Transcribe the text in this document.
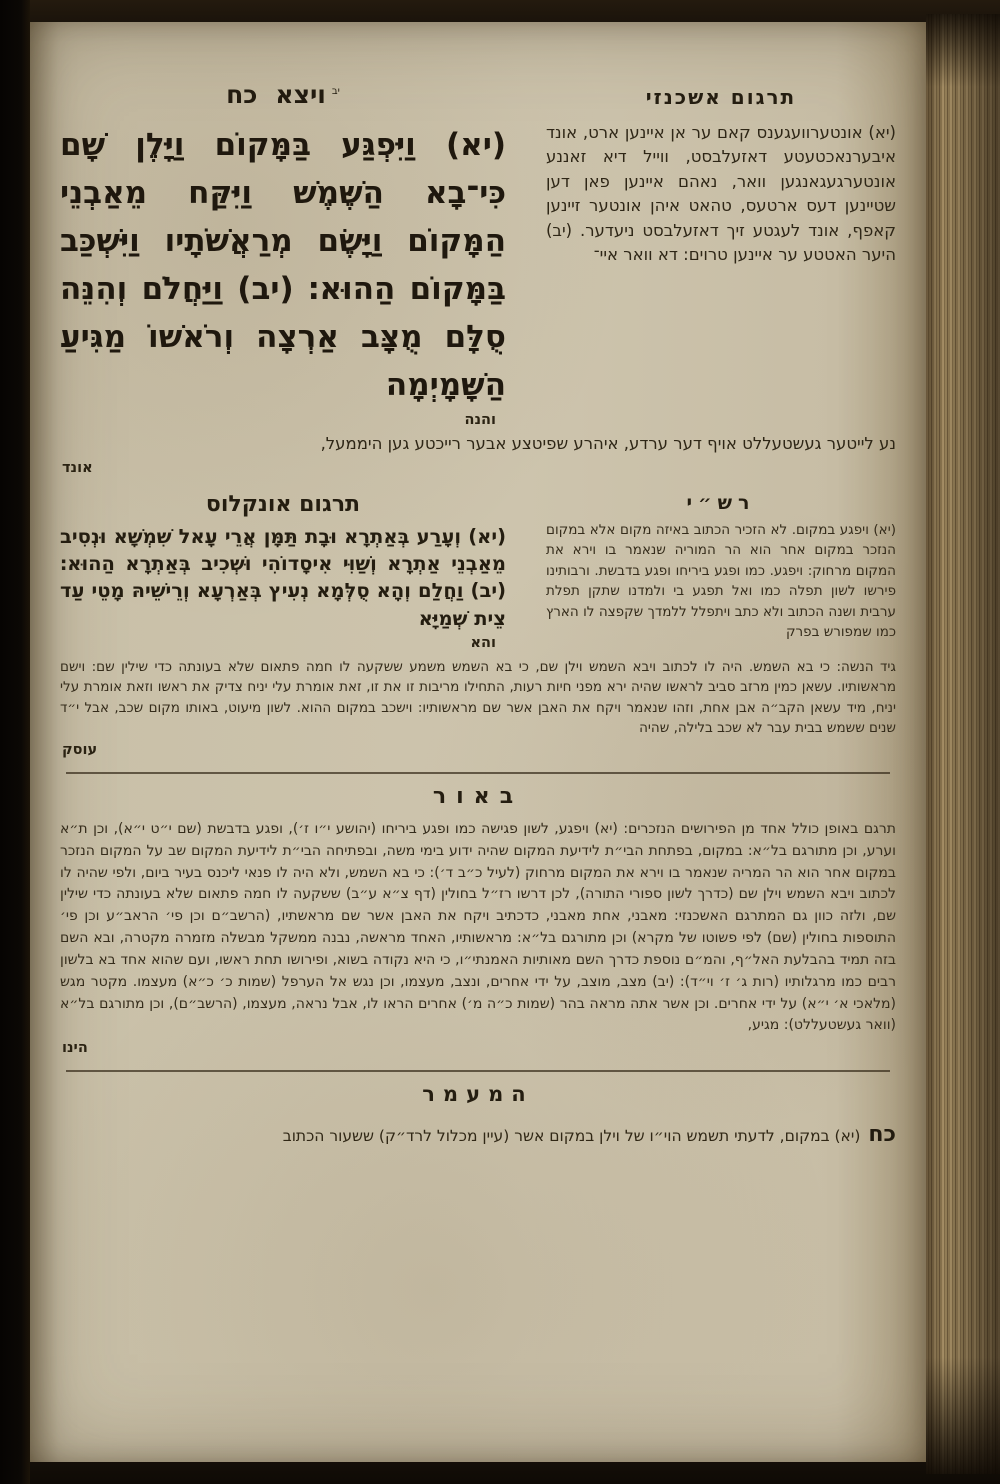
תרגום אשכנזי
$^{יב}$ויצאכח

(יא) אונטערוועגענס קאם ער אן איינען ארט, אונד איבערנאכטעטע דאזעלבסט, ווייל דיא זאננע אונטערגעגאנגען וואר, נאהם איינען פאן דען שטיינען דעס ארטעס, טהאט איהן אונטער זיינען קאפף, אונד לעגטע זיך דאזעלבסט ניעדער. (יב) היער האטטע ער איינען טרוים: דא וואר איי־

(יא) וַיִּפְגַּע בַּמָּקוֹם וַיָּלֶן שָׁם כִּי־בָא הַשֶּׁמֶשׁ וַיִּקַּח מֵאַבְנֵי הַמָּקוֹם וַיָּשֶׂם מְרַאֲשֹׁתָיו וַיִּשְׁכַּב בַּמָּקוֹם הַהוּא׃ (יב) וַיַּחֲלֹם וְהִנֵּה סֻלָּם מֻצָּב אַרְצָה וְרֹאשׁוֹ מַגִּיעַ הַשָּׁמָיְמָה

והנה

נע לייטער געשטעללט אויף דער ערדע, איהרע שפיטצע אבער רייכטע גען היממעל,

אונד
רש״י

(יא) ויפגע במקום. לא הזכיר הכתוב באיזה מקום אלא במקום הנזכר במקום אחר הוא הר המוריה שנאמר בו וירא את המקום מרחוק: ויפגע. כמו ופגע ביריחו ופגע בדבשת. ורבותינו פירשו לשון תפלה כמו ואל תפגע בי ולמדנו שתקן תפלת ערבית ושנה הכתוב ולא כתב ויתפלל ללמדך שקפצה לו הארץ כמו שמפורש בפרק

תרגום אונקלוס

(יא) וְעָרַע בְּאַתְרָא וּבָת תַּמָּן אֲרֵי עָאל שִׁמְשָׁא וּנְסִיב מֵאַבְנֵי אַתְרָא וְשַׁוִּי אִיסָדוֹהִי וּשְׁכִיב בְּאַתְרָא הַהוּא׃ (יב) וַחֲלַם וְהָא סֻלְּמָא נְעִיץ בְּאַרְעָא וְרֵישֵׁיהּ מָטֵי עַד צֵית שְׁמַיָּא

והא

גיד הנשה: כי בא השמש. היה לו לכתוב ויבא השמש וילן שם, כי בא השמש משמע ששקעה לו חמה פתאום שלא בעונתה כדי שילין שם: וישם מראשותיו. עשאן כמין מרזב סביב לראשו שהיה ירא מפני חיות רעות, התחילו מריבות זו את זו, זאת אומרת עלי יניח צדיק את ראשו וזאת אומרת עלי יניח, מיד עשאן הקב״ה אבן אחת, וזהו שנאמר ויקח את האבן אשר שם מראשותיו: וישכב במקום ההוא. לשון מיעוט, באותו מקום שכב, אבל י״ד שנים ששמש בבית עבר לא שכב בלילה, שהיה

עוסק
באור

תרגם באופן כולל אחד מן הפירושים הנזכרים: (יא) ויפגע, לשון פגישה כמו ופגע ביריחו (יהושע י״ו ז׳), ופגע בדבשת (שם י״ט י״א), וכן ת״א וערע, וכן מתורגם בל״א: במקום, בפתחת הבי״ת לידיעת המקום שהיה ידוע בימי משה, ובפתיחה הבי״ת לידיעת המקום שב על המקום הנזכר במקום אחר הוא הר המריה שנאמר בו וירא את המקום מרחוק (לעיל כ״ב ד׳): כי בא השמש, ולא היה לו פנאי ליכנס בעיר ביום, ולפי שהיה לו לכתוב ויבא השמש וילן שם (כדרך לשון ספורי התורה), לכן דרשו רז״ל בחולין (דף צ״א ע״ב) ששקעה לו חמה פתאום שלא בעונתה כדי שילין שם, ולזה כוון גם המתרגם האשכנזי: מאבני, אחת מאבני, כדכתיב ויקח את האבן אשר שם מראשתיו, (הרשב״ם וכן פי׳ הראב״ע וכן פי׳ התוספות בחולין (שם) לפי פשוטו של מקרא) וכן מתורגם בל״א: מראשותיו, האחד מראשה, נבנה ממשקל מבשלה מזמרה מקטרה, ובא השם בזה תמיד בהבלעת האל״ף, והמ״ם נוספת כדרך השם מאותיות האמנתי״ו, כי היא נקודה בשוא, ופירושו תחת ראשו, ועם שהוא אחד בא בלשון רבים כמו מרגלותיו (רות ג׳ ז׳ וי״ד): (יב) מצב, מוצב, על ידי אחרים, ונצב, מעצמו, וכן נגש אל הערפל (שמות כ׳ כ״א) מעצמו. מקטר מגש (מלאכי א׳ י״א) על ידי אחרים. וכן אשר אתה מראה בהר (שמות כ״ה מ׳) אחרים הראו לו, אבל נראה, מעצמו, (הרשב״ם), וכן מתורגם בל״א (וואר געשטעללט): מגיע,

הינו
המעמר

כח(יא) במקום, לדעתי תשמש הוי״ו של וילן במקום אשר (עיין מכלול לרד״ק) ששעור הכתוב
